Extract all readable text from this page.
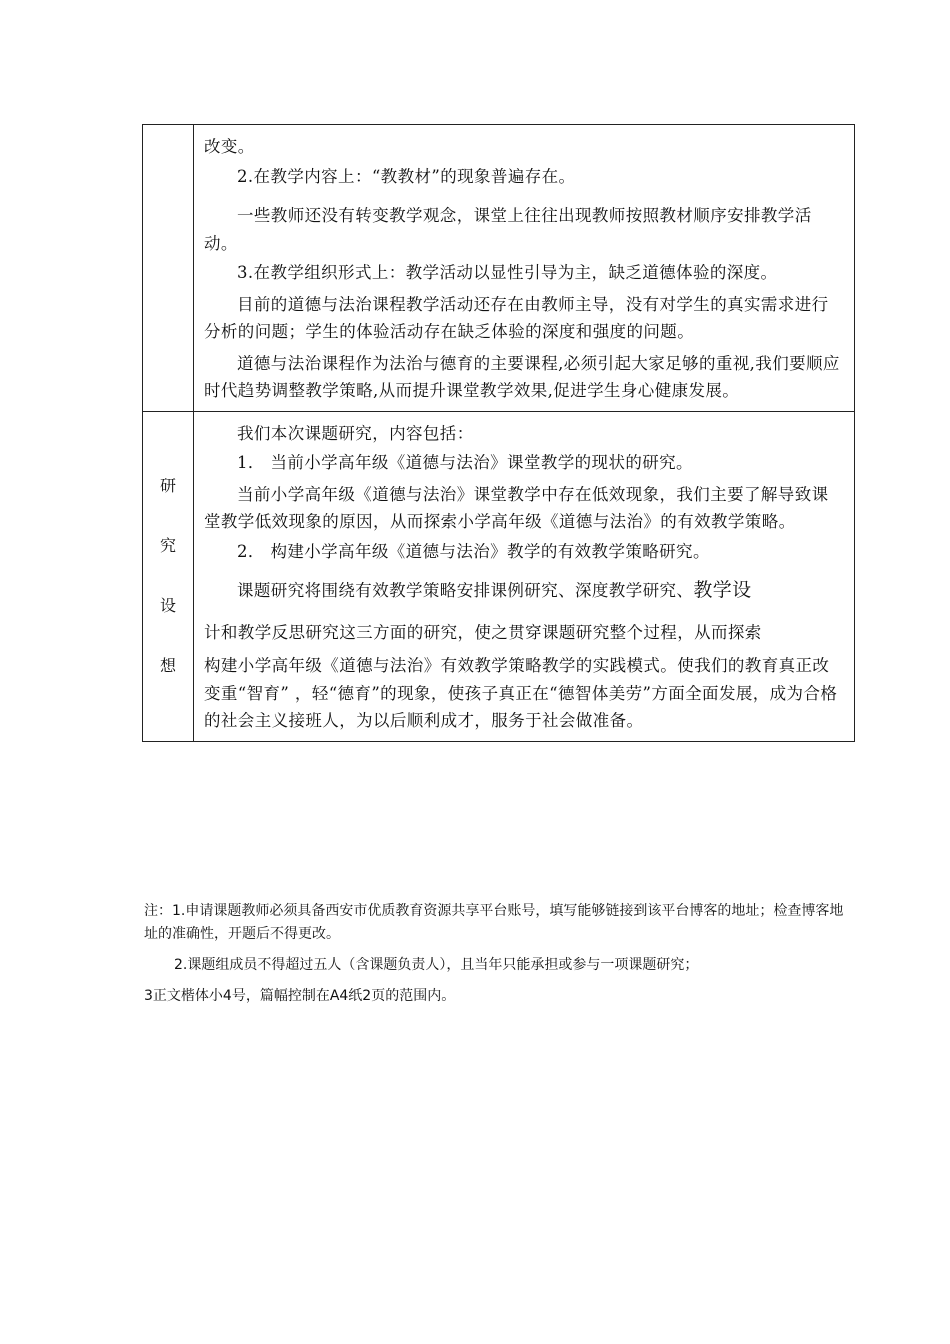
改变。

2.在教学内容上：“教教材”的现象普遍存在。

一些教师还没有转变教学观念，课堂上往往出现教师按照教材顺序安排教学活动。

3.在教学组织形式上：教学活动以显性引导为主，缺乏道德体验的深度。

目前的道德与法治课程教学活动还存在由教师主导，没有对学生的真实需求进行分析的问题；学生的体验活动存在缺乏体验的深度和强度的问题。

道德与法治课程作为法治与德育的主要课程,必须引起大家足够的重视,我们要顺应时代趋势调整教学策略,从而提升课堂教学效果,促进学生身心健康发展。

研
究
设
想

我们本次课题研究，内容包括：

1． 当前小学高年级《道德与法治》课堂教学的现状的研究。

当前小学高年级《道德与法治》课堂教学中存在低效现象，我们主要了解导致课堂教学低效现象的原因，从而探索小学高年级《道德与法治》的有效教学策略。

2． 构建小学高年级《道德与法治》教学的有效教学策略研究。

课题研究将围绕有效教学策略安排课例研究、深度教学研究、教学设

计和教学反思研究这三方面的研究，使之贯穿课题研究整个过程，从而探索

构建小学高年级《道德与法治》有效教学策略教学的实践模式。使我们的教育真正改变重“智育” ，轻“德育”的现象，使孩子真正在“德智体美劳”方面全面发展，成为合格的社会主义接班人，为以后顺利成才，服务于社会做准备。

注：1.申请课题教师必须具备西安市优质教育资源共享平台账号，填写能够链接到该平台博客的地址；检查博客地址的准确性，开题后不得更改。

2.课题组成员不得超过五人（含课题负责人），且当年只能承担或参与一项课题研究；

3正文楷体小4号，篇幅控制在A4纸2页的范围内。
